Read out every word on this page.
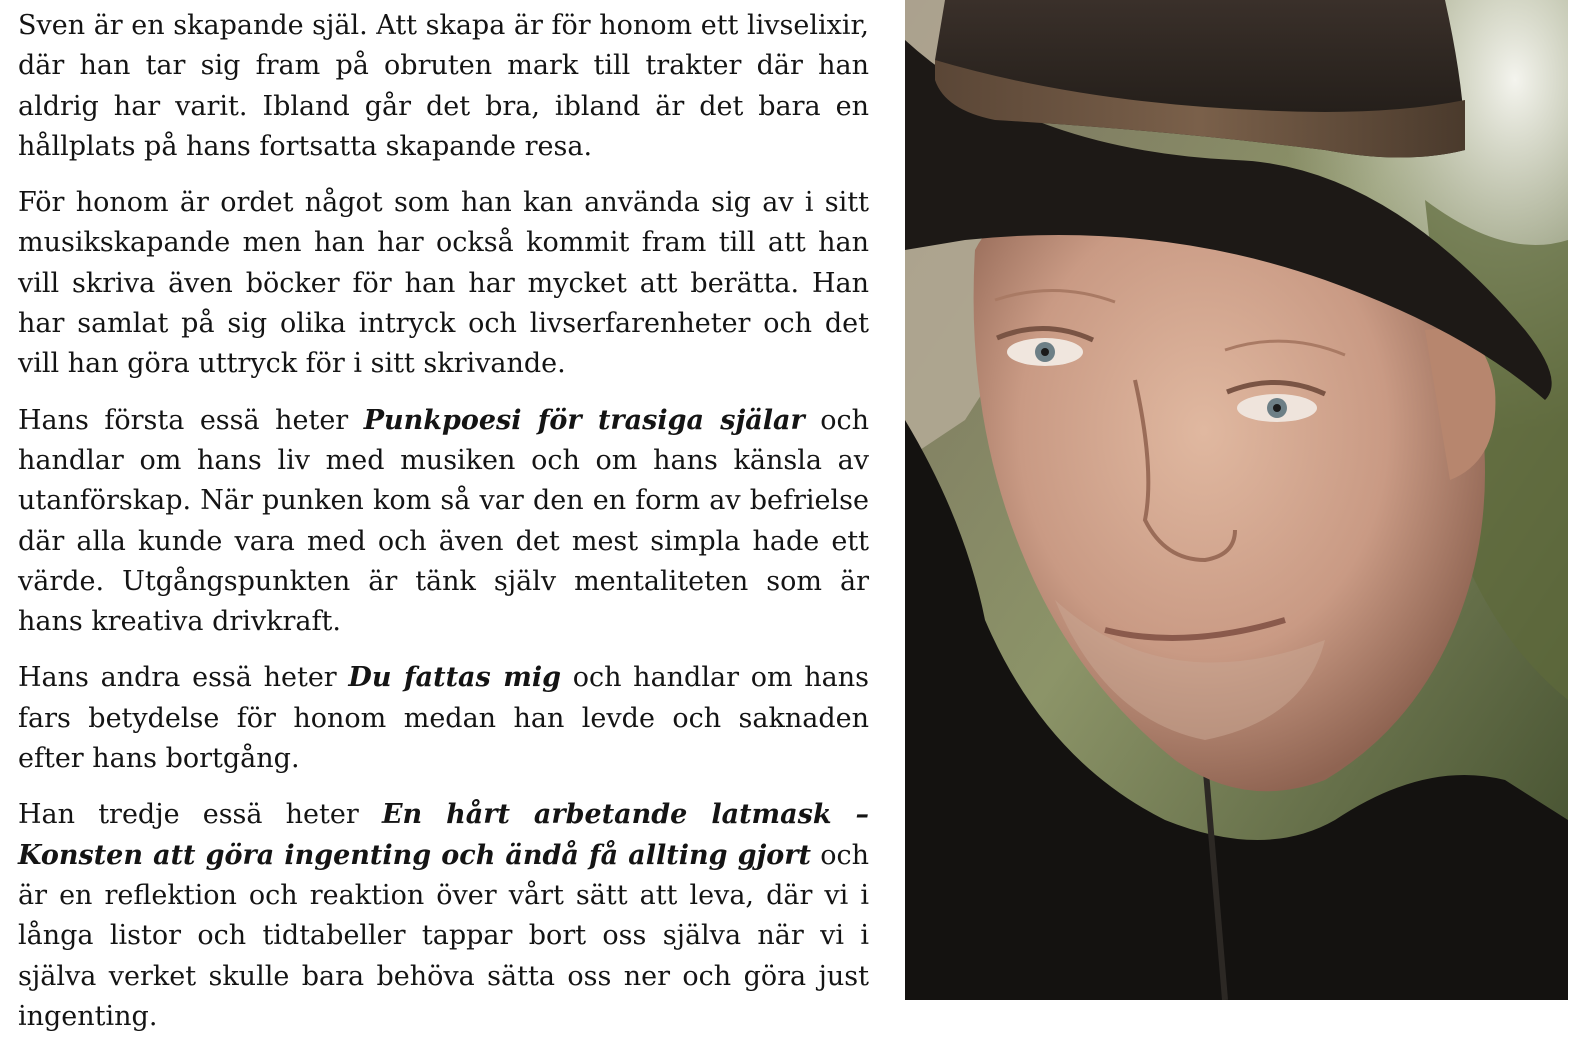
Sven är en skapande själ. Att skapa är för honom ett livselixir, där han tar sig fram på obruten mark till trakter där han aldrig har varit. Ibland går det bra, ibland är det bara en hållplats på hans fortsatta skapande resa.

För honom är ordet något som han kan använda sig av i sitt musikskapande men han har också kommit fram till att han vill skriva även böcker för han har mycket att berätta. Han har samlat på sig olika intryck och livserfarenheter och det vill han göra uttryck för i sitt skrivande.

Hans första essä heter Punkpoesi för trasiga själar och handlar om hans liv med musiken och om hans känsla av utanförskap. När punken kom så var den en form av befrielse där alla kunde vara med och även det mest simpla hade ett värde. Utgångspunkten är tänk själv mentaliteten som är hans kreativa drivkraft.

Hans andra essä heter Du fattas mig och handlar om hans fars betydelse för honom medan han levde och saknaden efter hans bortgång.

Han tredje essä heter En hårt arbetande latmask – Konsten att göra ingenting och ändå få allting gjort och är en reflektion och reaktion över vårt sätt att leva, där vi i långa listor och tidtabeller tappar bort oss själva när vi i själva verket skulle bara behöva sätta oss ner och göra just ingenting.
